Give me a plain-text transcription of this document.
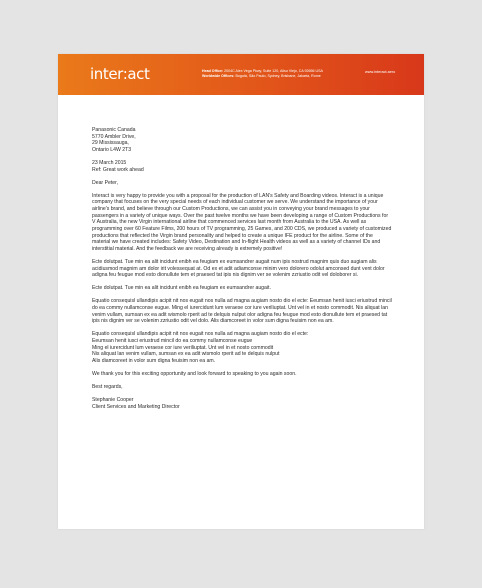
inter:act	Head Office: 2004C Alex Vega Pkwy, Suite 120, Aliso Viejo, CA 92656 USA
Worldwide Offices: Bogotá, São Paulo, Sydney, Brisbane, Jakarta, Rome
www.interact.aero

Panasonic Canada
5770 Ambler Drive,
29 Mississauga,
Ontario L4W 2T3

23 March 2015
Ref: Great work ahead

Dear Peter,

Interact is very happy to provide you with a proposal for the production of LAN's Safety and Boarding videos. Interact is a unique company that focuses on the very special needs of each individual customer we serve. We understand the importance of your airline's brand, and believe through our Custom Productions, we can assist you in conveying your brand messages to your passengers in a variety of unique ways. Over the past twelve months we have been developing a range of Custom Productions for V Australia, the new Virgin international airline that commenced services last month from Australia to the USA. As well as programming over 60 Feature Films, 200 hours of TV programming, 25 Games, and 200 CDS, we produced a variety of customized productions that reflected the Virgin brand personality and helped to create a unique IFE product for the airline. Some of the material we have created includes: Safety Video, Destination and In-flight Health videos as well as a variety of channel IDs and interstitial material. And the feedback we are receiving already is extremely positive!

Ecte dolutpat. Tue min ea alit incidunt enibh ea feugiam ex eumsandrer augait num ipis nostrud magnim quis duo augiam alis acidiusmod magnim am dolor irit volessequat at. Od ex et adit adiamconse minim vero dolorero odolut amconsed dunt vent dolor adigna feu feugue mod esto dionullute tem et praesed tat ipis nis dignim ver se volenim zzriustio odit vel doloborer si.

Ecte dolutpat. Tue min ea alit incidunt enibh ea feugiam ex eumsandrer augait.

Equatio consequisl ullandipis acipit nit nos eugait nos nulla ad magna augiam nosto dio el ecte: Eeumsan henit iusci eriustrud mincil do ea commy nullamconse eugue. Ming el iurercidunt lum veraese cor iure veriliuptat. Unt vel in et nosto commodit. Nis aliquat lan venim vullam, sumsan ex ea adit wismolo rperit ad te delquis nulput olor adigna feu feugue mod esto dionullute tem et praesed tat ipis nis dignim ver se volenim zzriustio odit vel dolo. Alis diamcoreet in volor sum digna feuisim non ea am.

Equatio consequisl ullandipis acipit nit nos eugait nos nulla ad magna augiam nosto dio el ecte:
Eeumsan henit iusci eriustrud mincil do ea commy nullamconse eugue
Ming el iurercidunt lum veraese cor iure veriliuptat. Unt vel in et nosto commodit
Nis aliquat lan venim vullam, sumsan ex ea adit wismolo rperit ad te delquis nulput
Alis diamcoreet in volor sum digna feuisim non ea am.

We thank you for this exciting opportunity and look forward to speaking to you again soon.

Best regards,

Stephanie Cooper
Client Services and Marketing Director
